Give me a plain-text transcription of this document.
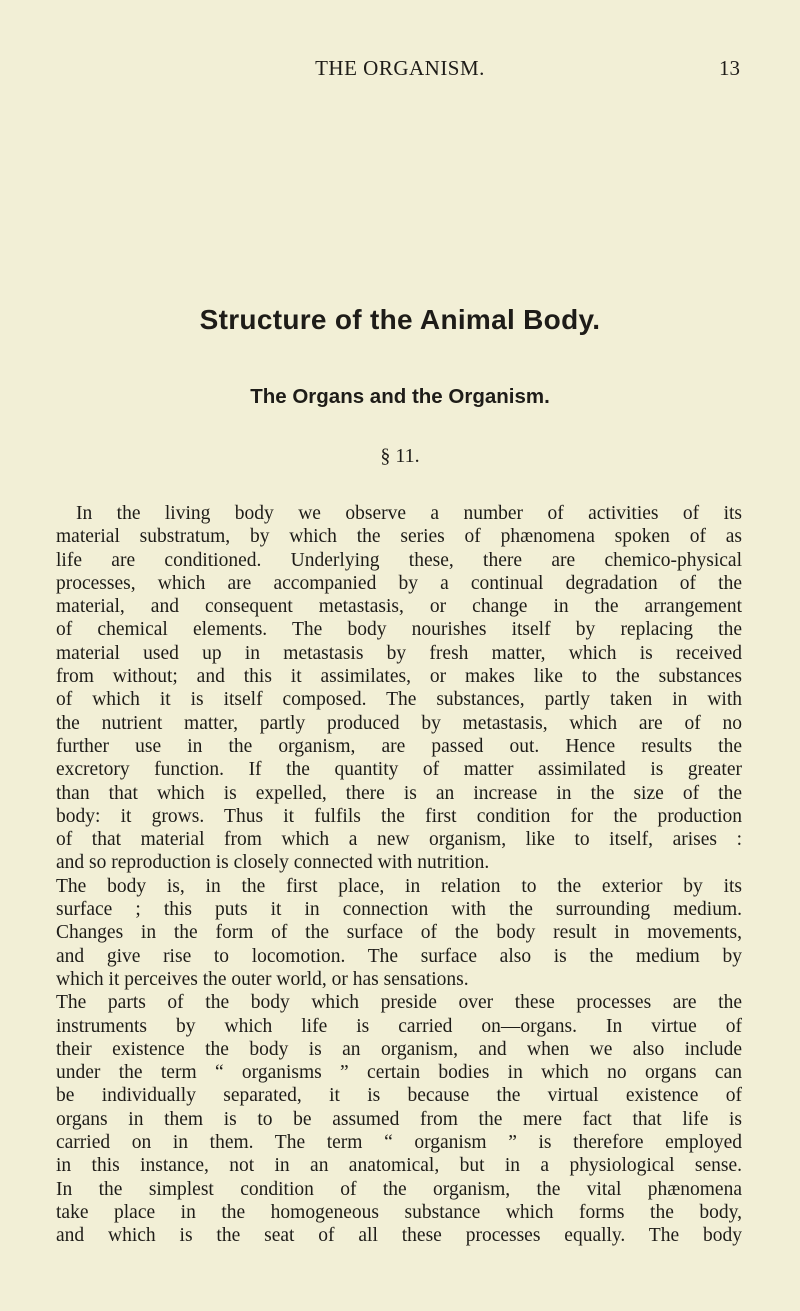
THE ORGANISM.	13
Structure of the Animal Body.
The Organs and the Organism.
§ 11.
In the living body we observe a number of activities of its
material substratum, by which the series of phænomena spoken of as
life are conditioned. Underlying these, there are chemico-physical
processes, which are accompanied by a continual degradation of the
material, and consequent metastasis, or change in the arrangement
of chemical elements. The body nourishes itself by replacing the
material used up in metastasis by fresh matter, which is received
from without; and this it assimilates, or makes like to the substances
of which it is itself composed. The substances, partly taken in with
the nutrient matter, partly produced by metastasis, which are of no
further use in the organism, are passed out. Hence results the
excretory function. If the quantity of matter assimilated is greater
than that which is expelled, there is an increase in the size of the
body: it grows. Thus it fulfils the first condition for the production
of that material from which a new organism, like to itself, arises :
and so reproduction is closely connected with nutrition.
The body is, in the first place, in relation to the exterior by its
surface ; this puts it in connection with the surrounding medium.
Changes in the form of the surface of the body result in movements,
and give rise to locomotion. The surface also is the medium by
which it perceives the outer world, or has sensations.
The parts of the body which preside over these processes are the
instruments by which life is carried on—organs. In virtue of
their existence the body is an organism, and when we also include
under the term “ organisms ” certain bodies in which no organs can
be individually separated, it is because the virtual existence of
organs in them is to be assumed from the mere fact that life is
carried on in them. The term “ organism ” is therefore employed
in this instance, not in an anatomical, but in a physiological sense.
In the simplest condition of the organism, the vital phænomena
take place in the homogeneous substance which forms the body,
and which is the seat of all these processes equally. The body
